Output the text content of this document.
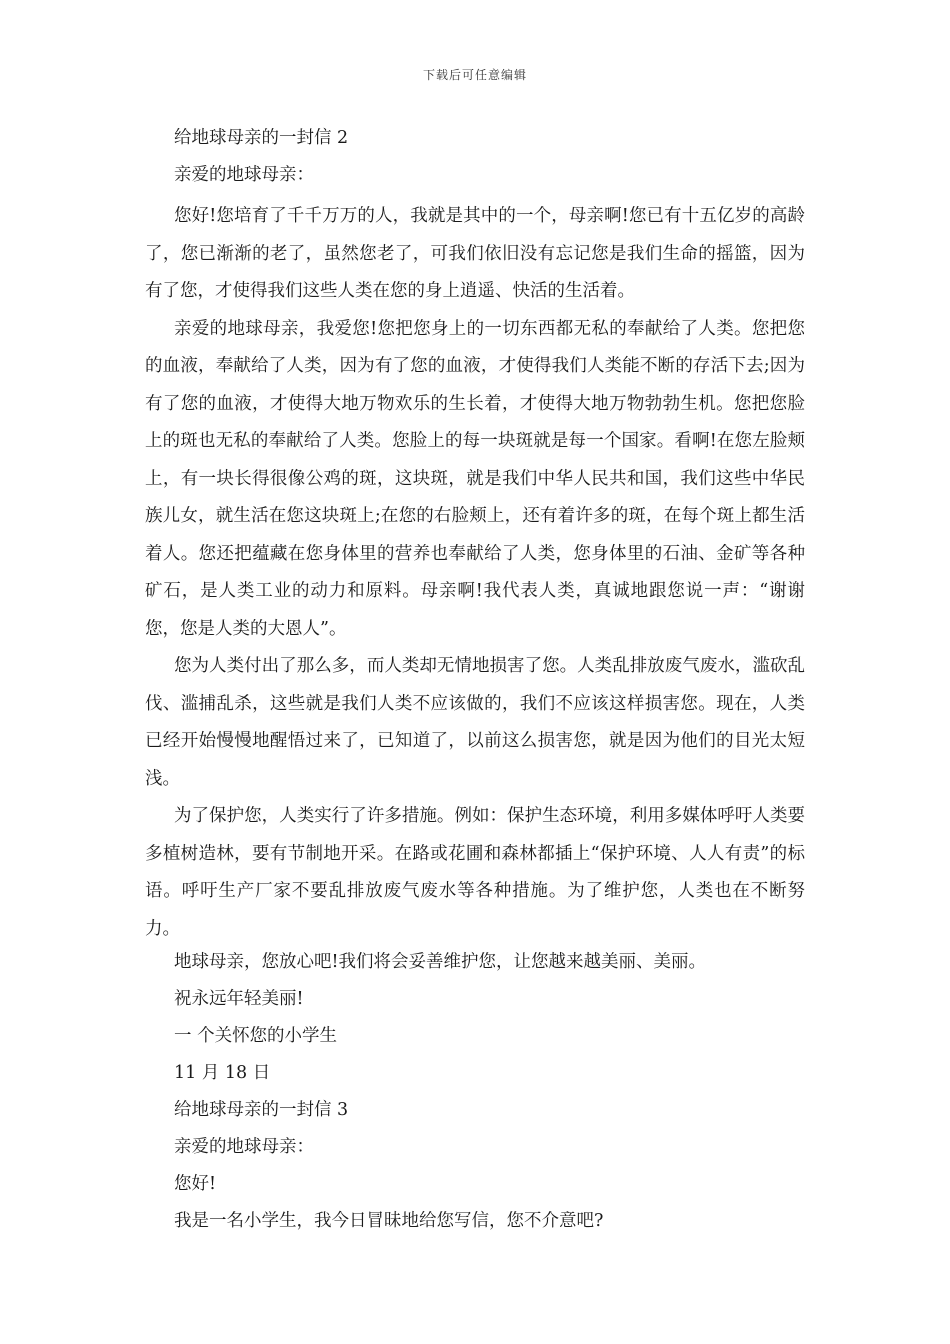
下载后可任意编辑

给地球母亲的一封信 2

亲爱的地球母亲：

您好!您培育了千千万万的人，我就是其中的一个，母亲啊!您已有十五亿岁的高龄了，您已渐渐的老了，虽然您老了，可我们依旧没有忘记您是我们生命的摇篮，因为有了您，才使得我们这些人类在您的身上逍遥、快活的生活着。

亲爱的地球母亲，我爱您!您把您身上的一切东西都无私的奉献给了人类。您把您的血液，奉献给了人类，因为有了您的血液，才使得我们人类能不断的存活下去;因为有了您的血液，才使得大地万物欢乐的生长着，才使得大地万物勃勃生机。您把您脸上的斑也无私的奉献给了人类。您脸上的每一块斑就是每一个国家。看啊!在您左脸颊上，有一块长得很像公鸡的斑，这块斑，就是我们中华人民共和国，我们这些中华民族儿女，就生活在您这块斑上;在您的右脸颊上，还有着许多的斑，在每个斑上都生活着人。您还把蕴藏在您身体里的营养也奉献给了人类，您身体里的石油、金矿等各种矿石，是人类工业的动力和原料。母亲啊!我代表人类，真诚地跟您说一声：“谢谢您，您是人类的大恩人”。

您为人类付出了那么多，而人类却无情地损害了您。人类乱排放废气废水，滥砍乱伐、滥捕乱杀，这些就是我们人类不应该做的，我们不应该这样损害您。现在，人类已经开始慢慢地醒悟过来了，已知道了，以前这么损害您，就是因为他们的目光太短浅。

为了保护您，人类实行了许多措施。例如：保护生态环境，利用多媒体呼吁人类要多植树造林，要有节制地开采。在路或花圃和森林都插上“保护环境、人人有责”的标语。呼吁生产厂家不要乱排放废气废水等各种措施。为了维护您，人类也在不断努力。

地球母亲，您放心吧!我们将会妥善维护您，让您越来越美丽、美丽。

祝永远年轻美丽!

一 个关怀您的小学生

11 月 18 日

给地球母亲的一封信 3

亲爱的地球母亲：

您好!

我是一名小学生，我今日冒昧地给您写信，您不介意吧?
